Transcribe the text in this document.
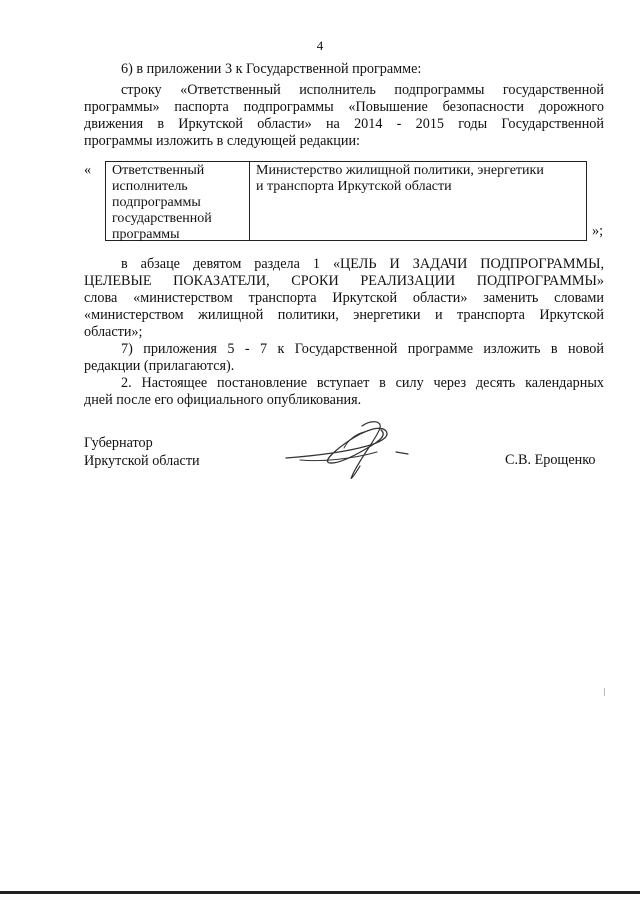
4
6) в приложении 3 к Государственной программе:
строку «Ответственный исполнитель подпрограммы государственной
программы» паспорта подпрограммы «Повышение безопасности дорожного
движения в Иркутской области» на 2014 - 2015 годы Государственной
программы изложить в следующей редакции:
« Ответственный
исполнитель
подпрограммы
государственной
программы
Министерство жилищной политики, энергетики
и транспорта Иркутской области
»;
в абзаце девятом раздела 1 «ЦЕЛЬ И ЗАДАЧИ ПОДПРОГРАММЫ,
ЦЕЛЕВЫЕ ПОКАЗАТЕЛИ, СРОКИ РЕАЛИЗАЦИИ ПОДПРОГРАММЫ»
слова «министерством транспорта Иркутской области» заменить словами
«министерством жилищной политики, энергетики и транспорта Иркутской
области»;
7) приложения 5 - 7 к Государственной программе изложить в новой
редакции (прилагаются).
2. Настоящее постановление вступает в силу через десять календарных
дней после его официального опубликования.
Губернатор
Иркутской области	С.В. Ерощенко
